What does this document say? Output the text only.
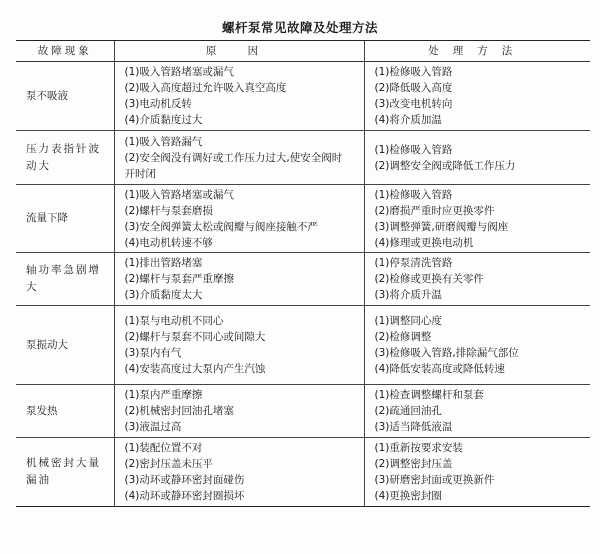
螺杆泵常见故障及处理方法
故障现象	原 因	处理方法

泵不吸液	(1)吸入管路堵塞或漏气
(2)吸入高度超过允许吸入真空高度
(3)电动机反转
(4)介质黏度过大	(1)检修吸入管路
(2)降低吸入高度
(3)改变电机转向
(4)将介质加温

压力表指针波动大	(1)吸入管路漏气
(2)安全阀没有调好或工作压力过大,使安全阀时
开时闭	(1)检修吸入管路
(2)调整安全阀或降低工作压力

流量下降	(1)吸入管路堵塞或漏气
(2)螺杆与泵套磨损
(3)安全阀弹簧太松或阀瓣与阀座接触不严
(4)电动机转速不够	(1)检修吸入管路
(2)磨损严重时应更换零件
(3)调整弹簧,研磨阀瓣与阀座
(4)修理或更换电动机

轴功率急剧增大	(1)排出管路堵塞
(2)螺杆与泵套严重摩擦
(3)介质黏度太大	(1)停泵清洗管路
(2)检修或更换有关零件
(3)将介质升温

泵振动大	(1)泵与电动机不同心
(2)螺杆与泵套不同心或间隙大
(3)泵内有气
(4)安装高度过大泵内产生汽蚀	(1)调整同心度
(2)检修调整
(3)检修吸入管路,排除漏气部位
(4)降低安装高度或降低转速

泵发热	(1)泵内严重摩擦
(2)机械密封回油孔堵塞
(3)液温过高	(1)检查调整螺杆和泵套
(2)疏通回油孔
(3)适当降低液温

机械密封大量漏油	(1)装配位置不对
(2)密封压盖未压平
(3)动环或静环密封面碰伤
(4)动环或静环密封圈损坏	(1)重新按要求安装
(2)调整密封压盖
(3)研磨密封面或更换新件
(4)更换密封圈
